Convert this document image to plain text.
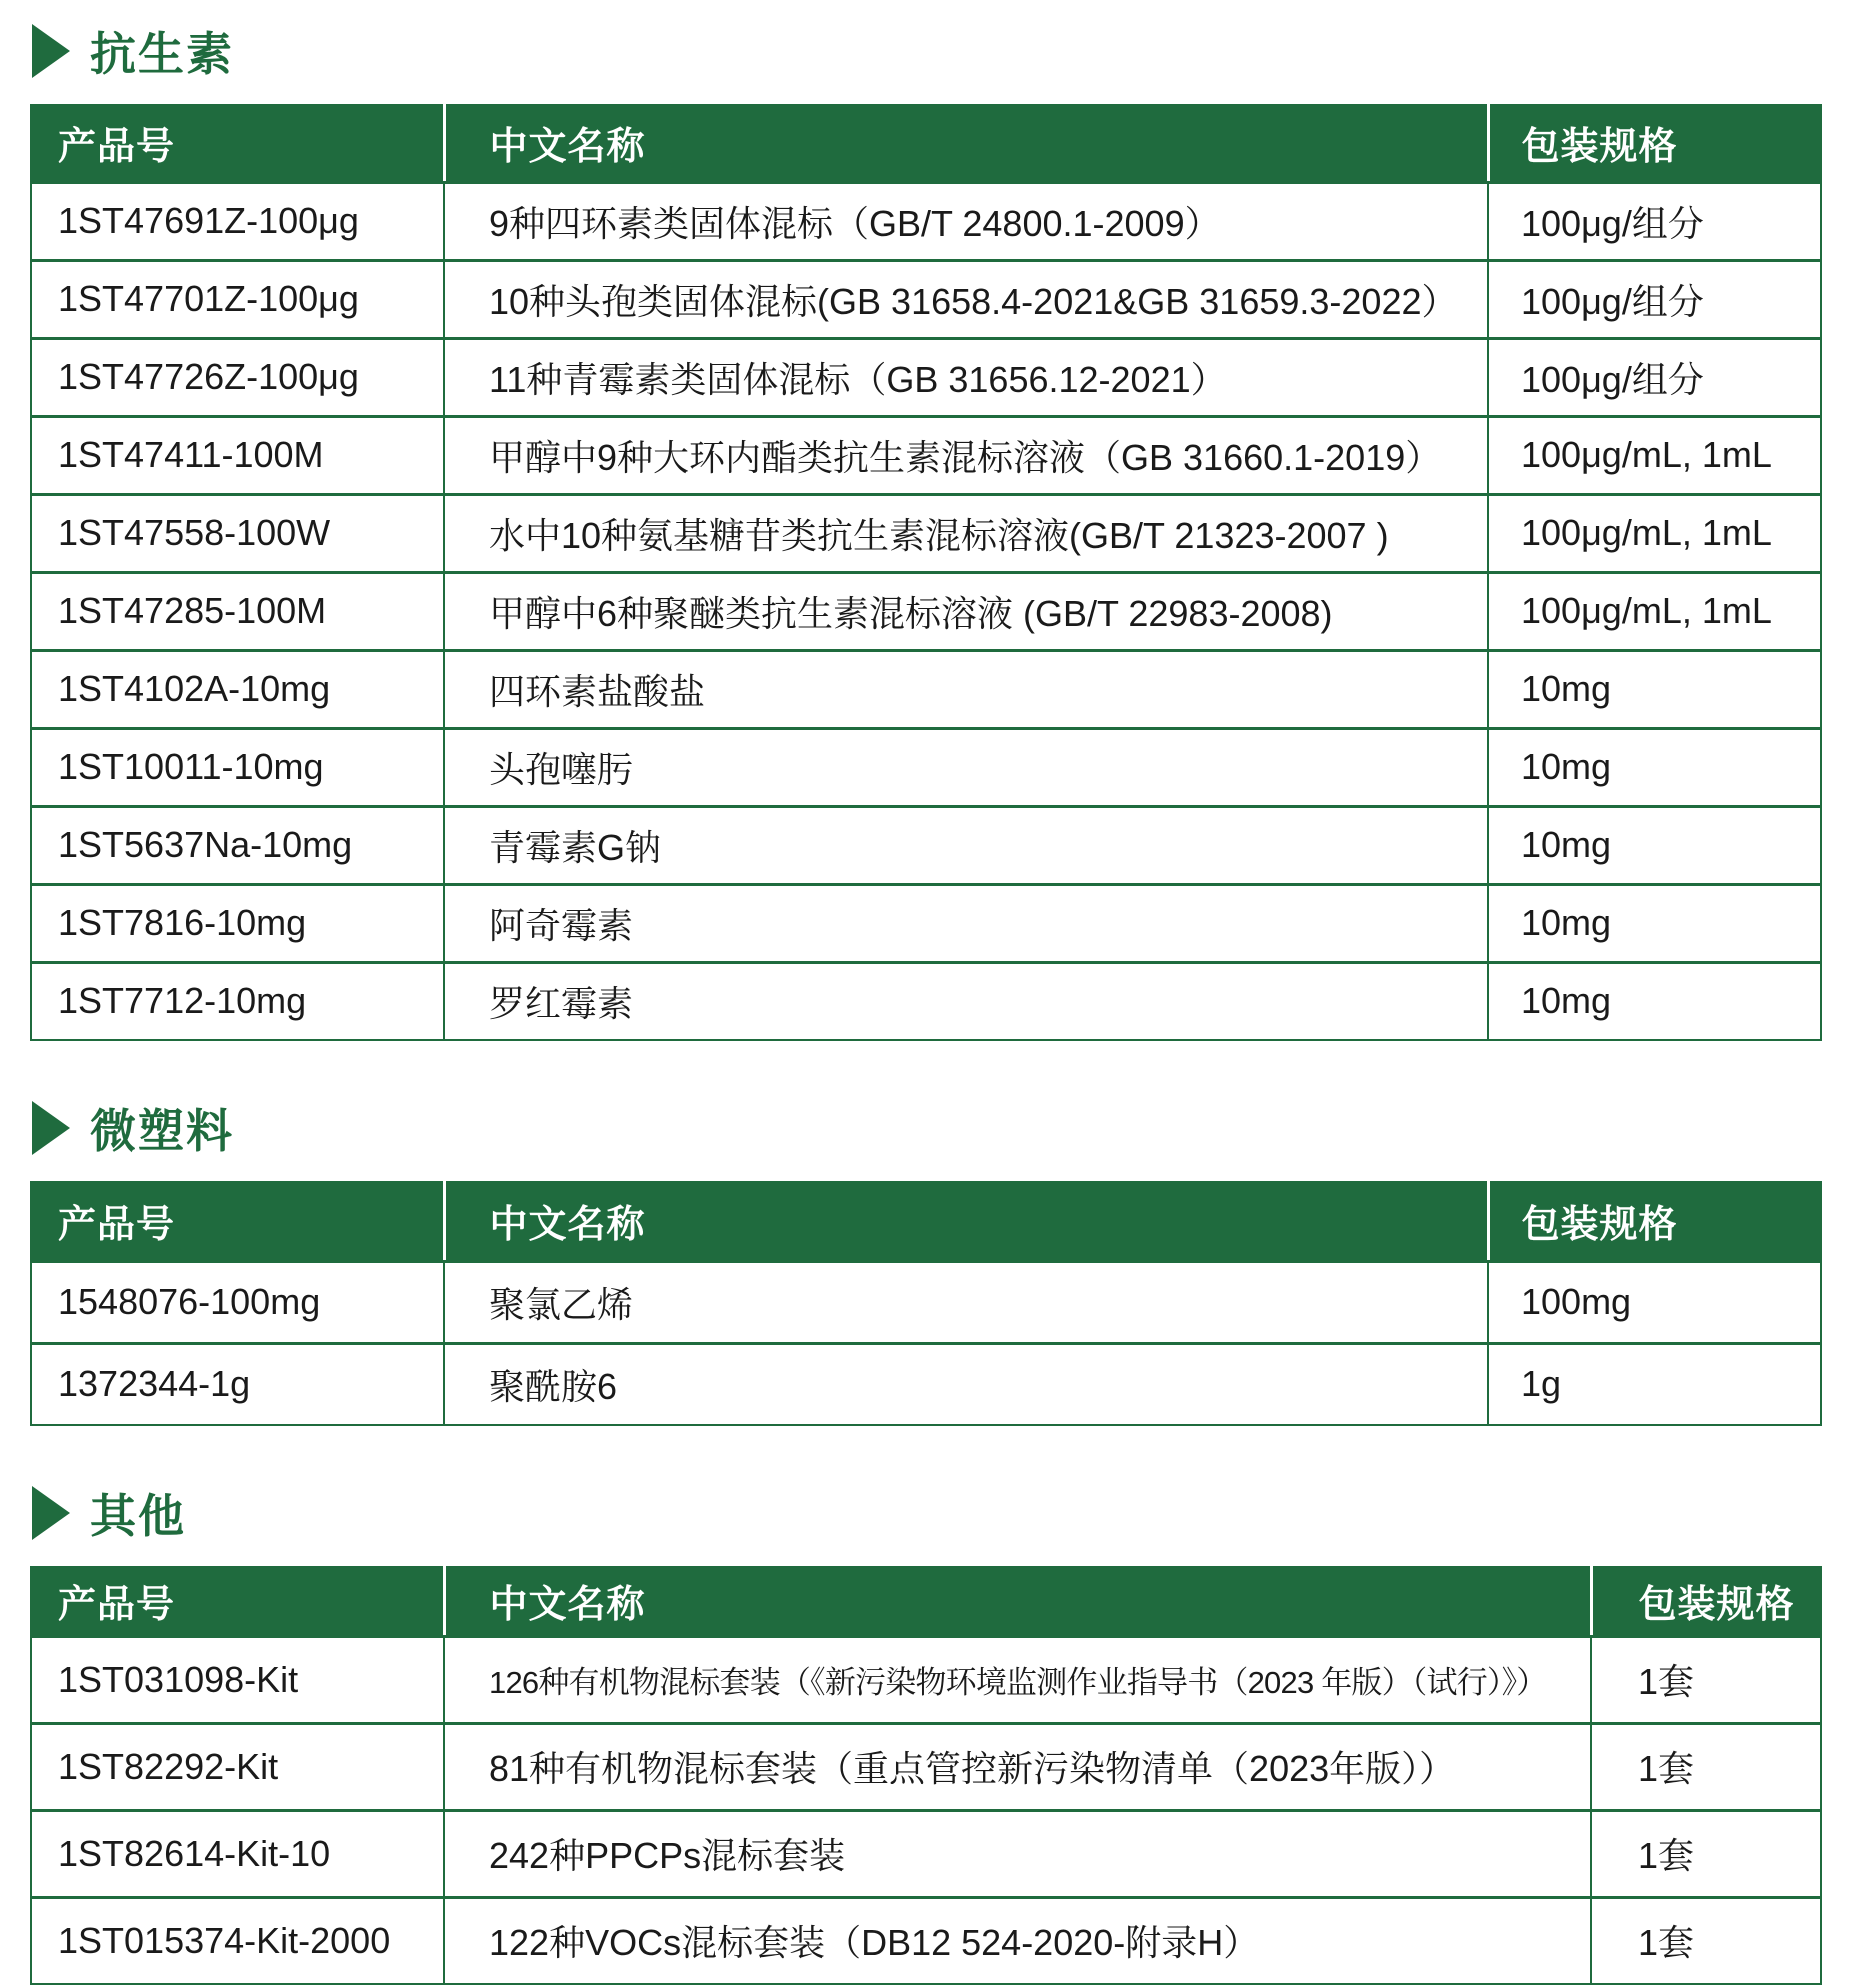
抗生素
产品号	中文名称	包装规格
1ST47691Z-100μg	9种四环素类固体混标（GB/T 24800.1-2009）	100μg/组分
1ST47701Z-100μg	10种头孢类固体混标(GB 31658.4-2021&GB 31659.3-2022）	100μg/组分
1ST47726Z-100μg	11种青霉素类固体混标（GB 31656.12-2021）	100μg/组分
1ST47411-100M	甲醇中9种大环内酯类抗生素混标溶液（GB 31660.1-2019）	100μg/mL, 1mL
1ST47558-100W	水中10种氨基糖苷类抗生素混标溶液(GB/T 21323-2007 )	100μg/mL, 1mL
1ST47285-100M	甲醇中6种聚醚类抗生素混标溶液 (GB/T 22983-2008)	100μg/mL, 1mL
1ST4102A-10mg	四环素盐酸盐	10mg
1ST10011-10mg	头孢噻肟	10mg
1ST5637Na-10mg	青霉素G钠	10mg
1ST7816-10mg	阿奇霉素	10mg
1ST7712-10mg	罗红霉素	10mg
微塑料
产品号	中文名称	包装规格
1548076-100mg	聚氯乙烯	100mg
1372344-1g	聚酰胺6	1g
其他
产品号	中文名称	包装规格
1ST031098-Kit	126种有机物混标套装（《新污染物环境监测作业指导书（2023 年版）（试行）》）	1套
1ST82292-Kit	81种有机物混标套装（重点管控新污染物清单（2023年版））	1套
1ST82614-Kit-10	242种PPCPs混标套装	1套
1ST015374-Kit-2000	122种VOCs混标套装（DB12 524-2020-附录H）	1套
